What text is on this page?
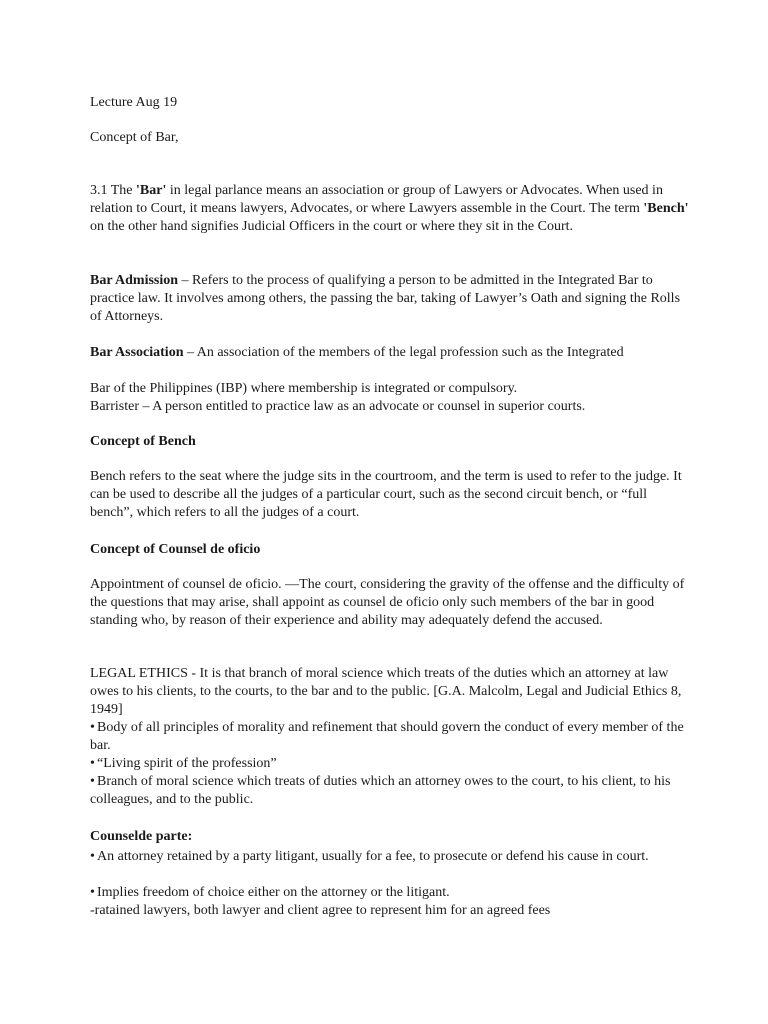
Lecture Aug 19

Concept of Bar,

3.1 The 'Bar' in legal parlance means an association or group of Lawyers or Advocates. When used in relation to Court, it means lawyers, Advocates, or where Lawyers assemble in the Court. The term 'Bench' on the other hand signifies Judicial Officers in the court or where they sit in the Court.

Bar Admission – Refers to the process of qualifying a person to be admitted in the Integrated Bar to practice law. It involves among others, the passing the bar, taking of Lawyer’s Oath and signing the Rolls of Attorneys.

Bar Association – An association of the members of the legal profession such as the Integrated

Bar of the Philippines (IBP) where membership is integrated or compulsory.

Barrister – A person entitled to practice law as an advocate or counsel in superior courts.

Concept of Bench

Bench refers to the seat where the judge sits in the courtroom, and the term is used to refer to the judge. It can be used to describe all the judges of a particular court, such as the second circuit bench, or “full bench”, which refers to all the judges of a court.

Concept of Counsel de oficio

Appointment of counsel de oficio. —The court, considering the gravity of the offense and the difficulty of the questions that may arise, shall appoint as counsel de oficio only such members of the bar in good standing who, by reason of their experience and ability may adequately defend the accused.

LEGAL ETHICS - It is that branch of moral science which treats of the duties which an attorney at law owes to his clients, to the courts, to the bar and to the public. [G.A. Malcolm, Legal and Judicial Ethics 8, 1949]

• Body of all principles of morality and refinement that should govern the conduct of every member of the bar.

• “Living spirit of the profession”

• Branch of moral science which treats of duties which an attorney owes to the court, to his client, to his colleagues, and to the public.

Counselde parte:

• An attorney retained by a party litigant, usually for a fee, to prosecute or defend his cause in court.

• Implies freedom of choice either on the attorney or the litigant.

-ratained lawyers, both lawyer and client agree to represent him for an agreed fees
